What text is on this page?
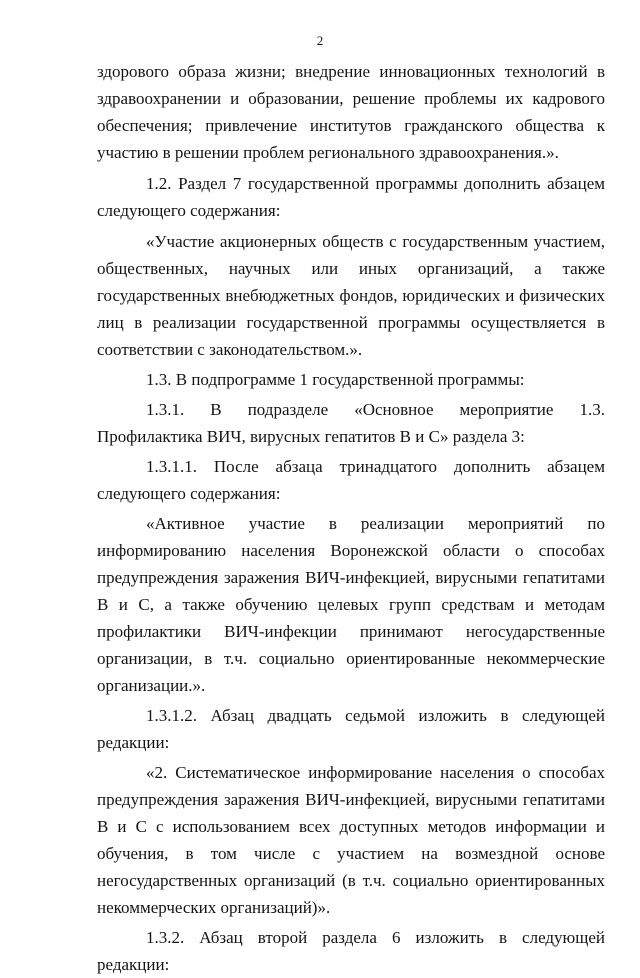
2

здорового образа жизни; внедрение инновационных технологий в здравоохранении и образовании, решение проблемы их кадрового обеспечения; привлечение институтов гражданского общества к участию в решении проблем регионального здравоохранения.».

1.2. Раздел 7 государственной программы дополнить абзацем следующего содержания:

«Участие акционерных обществ с государственным участием, общественных, научных или иных организаций, а также государственных внебюджетных фондов, юридических и физических лиц в реализации государственной программы осуществляется в соответствии с законодательством.».

1.3. В подпрограмме 1 государственной программы:

1.3.1. В подразделе «Основное мероприятие 1.3. Профилактика ВИЧ, вирусных гепатитов В и С» раздела 3:

1.3.1.1. После абзаца тринадцатого дополнить абзацем следующего содержания:

«Активное участие в реализации мероприятий по информированию населения Воронежской области о способах предупреждения заражения ВИЧ-инфекцией, вирусными гепатитами В и С, а также обучению целевых групп средствам и методам профилактики ВИЧ-инфекции принимают негосударственные организации, в т.ч. социально ориентированные некоммерческие организации.».

1.3.1.2. Абзац двадцать седьмой изложить в следующей редакции:

«2. Систематическое информирование населения о способах предупреждения заражения ВИЧ-инфекцией, вирусными гепатитами В и С с использованием всех доступных методов информации и обучения, в том числе с участием на возмездной основе негосударственных организаций (в т.ч. социально ориентированных некоммерческих организаций)».

1.3.2. Абзац второй раздела 6 изложить в следующей редакции:
